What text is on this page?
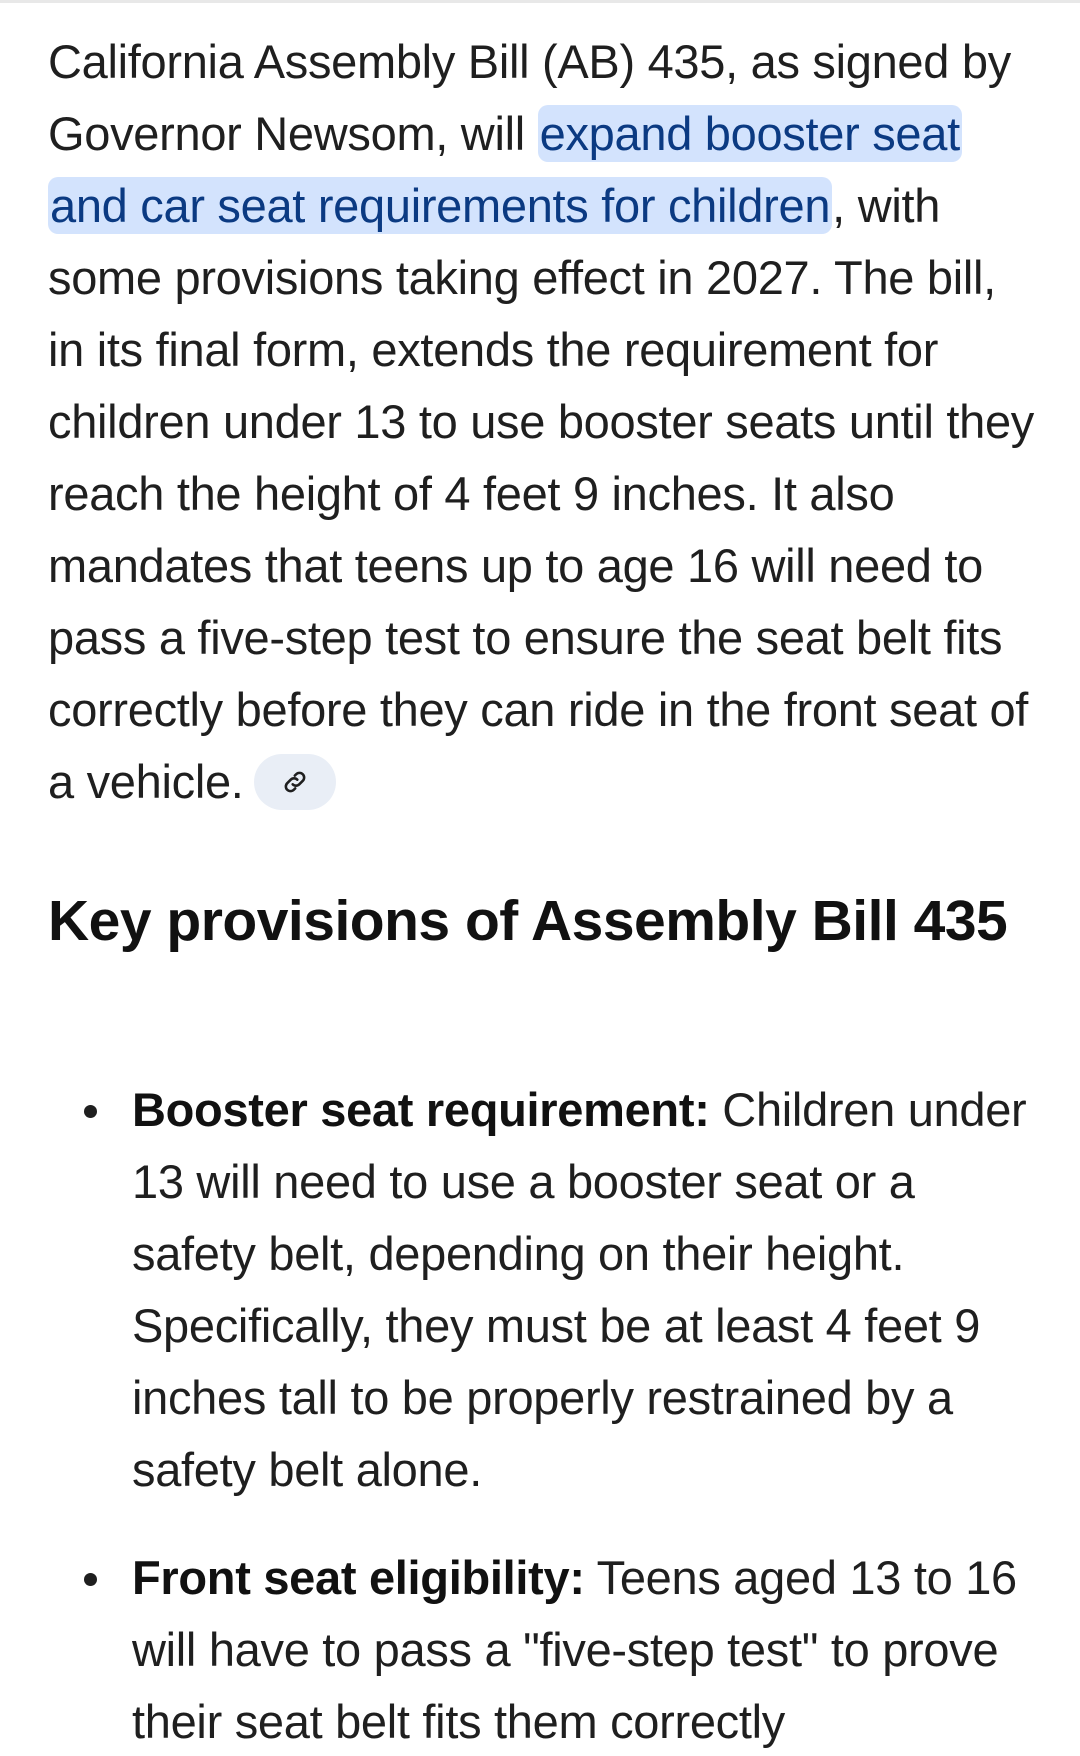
California Assembly Bill (AB) 435, as signed by Governor Newsom, will expand booster seat and car seat requirements for children, with some provisions taking effect in 2027. The bill, in its final form, extends the requirement for children under 13 to use booster seats until they reach the height of 4 feet 9 inches. It also mandates that teens up to age 16 will need to pass a five-step test to ensure the seat belt fits correctly before they can ride in the front seat of a vehicle.

Key provisions of Assembly Bill 435
Booster seat requirement: Children under 13 will need to use a booster seat or a safety belt, depending on their height. Specifically, they must be at least 4 feet 9 inches tall to be properly restrained by a safety belt alone.
Front seat eligibility: Teens aged 13 to 16 will have to pass a "five-step test" to prove their seat belt fits them correctly
